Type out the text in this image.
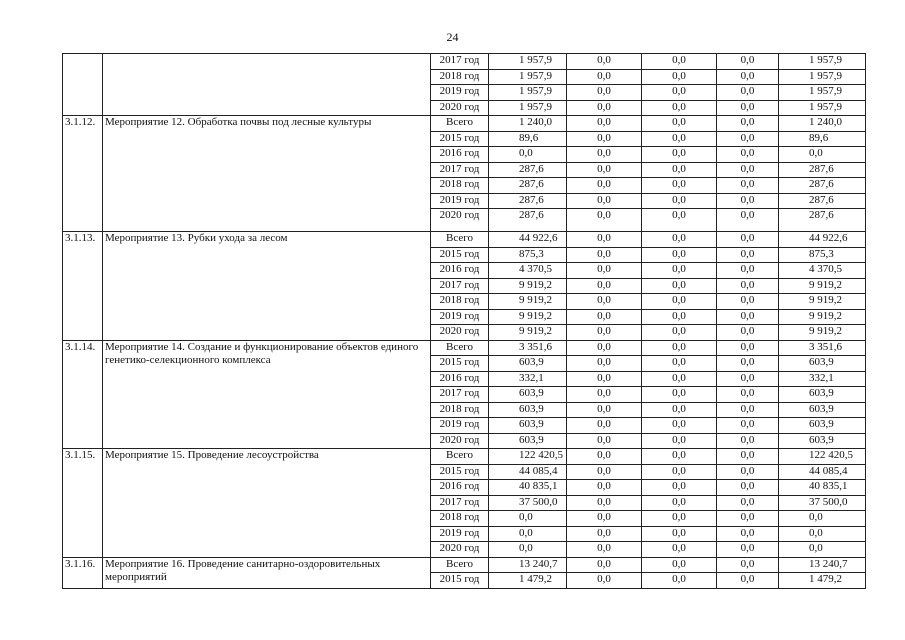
24
		2017 год	1 957,9	0,0	0,0	0,0	1 957,9
		2018 год	1 957,9	0,0	0,0	0,0	1 957,9
		2019 год	1 957,9	0,0	0,0	0,0	1 957,9
		2020 год	1 957,9	0,0	0,0	0,0	1 957,9
3.1.12.	Мероприятие 12. Обработка почвы под лесные культуры	Всего	1 240,0	0,0	0,0	0,0	1 240,0
		2015 год	89,6	0,0	0,0	0,0	89,6
		2016 год	0,0	0,0	0,0	0,0	0,0
		2017 год	287,6	0,0	0,0	0,0	287,6
		2018 год	287,6	0,0	0,0	0,0	287,6
		2019 год	287,6	0,0	0,0	0,0	287,6
		2020 год	287,6	0,0	0,0	0,0	287,6
3.1.13.	Мероприятие 13. Рубки ухода за лесом	Всего	44 922,6	0,0	0,0	0,0	44 922,6
		2015 год	875,3	0,0	0,0	0,0	875,3
		2016 год	4 370,5	0,0	0,0	0,0	4 370,5
		2017 год	9 919,2	0,0	0,0	0,0	9 919,2
		2018 год	9 919,2	0,0	0,0	0,0	9 919,2
		2019 год	9 919,2	0,0	0,0	0,0	9 919,2
		2020 год	9 919,2	0,0	0,0	0,0	9 919,2
3.1.14.	Мероприятие 14. Создание и функционирование объектов единого генетико-селекционного комплекса	Всего	3 351,6	0,0	0,0	0,0	3 351,6
		2015 год	603,9	0,0	0,0	0,0	603,9
		2016 год	332,1	0,0	0,0	0,0	332,1
		2017 год	603,9	0,0	0,0	0,0	603,9
		2018 год	603,9	0,0	0,0	0,0	603,9
		2019 год	603,9	0,0	0,0	0,0	603,9
		2020 год	603,9	0,0	0,0	0,0	603,9
3.1.15.	Мероприятие 15. Проведение лесоустройства	Всего	122 420,5	0,0	0,0	0,0	122 420,5
		2015 год	44 085,4	0,0	0,0	0,0	44 085,4
		2016 год	40 835,1	0,0	0,0	0,0	40 835,1
		2017 год	37 500,0	0,0	0,0	0,0	37 500,0
		2018 год	0,0	0,0	0,0	0,0	0,0
		2019 год	0,0	0,0	0,0	0,0	0,0
		2020 год	0,0	0,0	0,0	0,0	0,0
3.1.16.	Мероприятие 16. Проведение санитарно-оздоровительных мероприятий	Всего	13 240,7	0,0	0,0	0,0	13 240,7
		2015 год	1 479,2	0,0	0,0	0,0	1 479,2
